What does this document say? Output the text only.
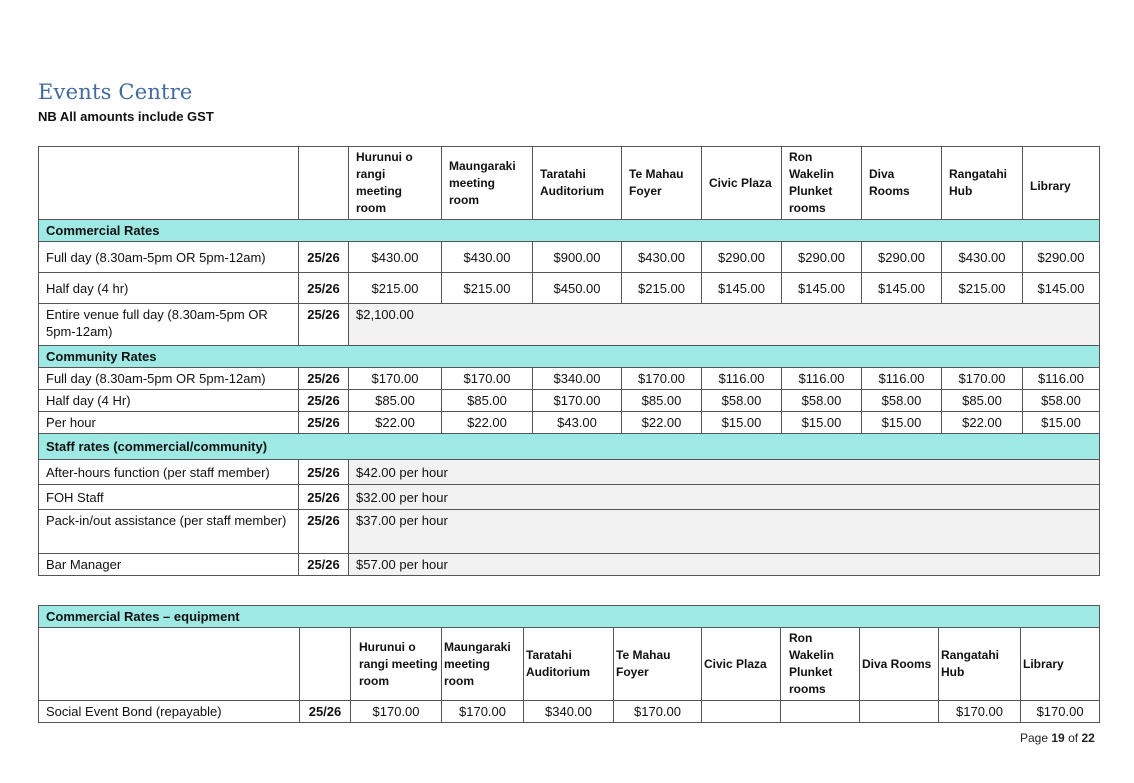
Events Centre
NB All amounts include GST
		Hurunui o rangi meeting room	Maungaraki meeting room	Taratahi Auditorium	Te Mahau Foyer	Civic Plaza	Ron Wakelin Plunket rooms	Diva Rooms	Rangatahi Hub	Library
Commercial Rates										
Full day (8.30am-5pm OR 5pm-12am)	25/26	$430.00	$430.00	$900.00	$430.00	$290.00	$290.00	$290.00	$430.00	$290.00
Half day (4 hr)	25/26	$215.00	$215.00	$450.00	$215.00	$145.00	$145.00	$145.00	$215.00	$145.00
Entire venue full day (8.30am-5pm OR 5pm-12am)	25/26	$2,100.00								
Community Rates										
Full day (8.30am-5pm OR 5pm-12am)	25/26	$170.00	$170.00	$340.00	$170.00	$116.00	$116.00	$116.00	$170.00	$116.00
Half day (4 Hr)	25/26	$85.00	$85.00	$170.00	$85.00	$58.00	$58.00	$58.00	$85.00	$58.00
Per hour	25/26	$22.00	$22.00	$43.00	$22.00	$15.00	$15.00	$15.00	$22.00	$15.00
Staff rates (commercial/community)										
After-hours function (per staff member)	25/26	$42.00 per hour								
FOH Staff	25/26	$32.00 per hour								
Pack-in/out assistance (per staff member)	25/26	$37.00 per hour								
Bar Manager	25/26	$57.00 per hour								
Commercial Rates – equipment										
		Hurunui o rangi meeting room	Maungaraki meeting room	Taratahi Auditorium	Te Mahau Foyer	Civic Plaza	Ron Wakelin Plunket rooms	Diva Rooms	Rangatahi Hub	Library
Social Event Bond (repayable)	25/26	$170.00	$170.00	$340.00	$170.00				$170.00	$170.00
Page 19 of 22
